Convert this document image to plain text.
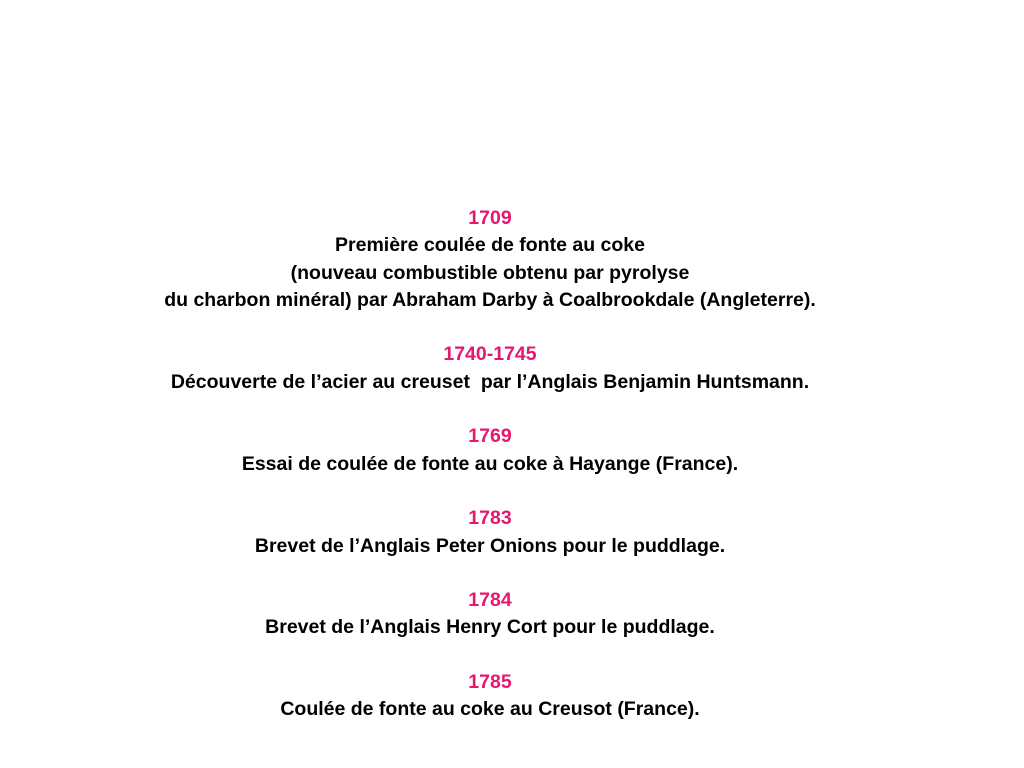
1709
Première coulée de fonte au coke
(nouveau combustible obtenu par pyrolyse
du charbon minéral) par Abraham Darby à Coalbrookdale (Angleterre).
1740-1745
Découverte de l’acier au creuset  par l’Anglais Benjamin Huntsmann.
1769
Essai de coulée de fonte au coke à Hayange (France).
1783
Brevet de l’Anglais Peter Onions pour le puddlage.
1784
Brevet de l’Anglais Henry Cort pour le puddlage.
1785
Coulée de fonte au coke au Creusot (France).
